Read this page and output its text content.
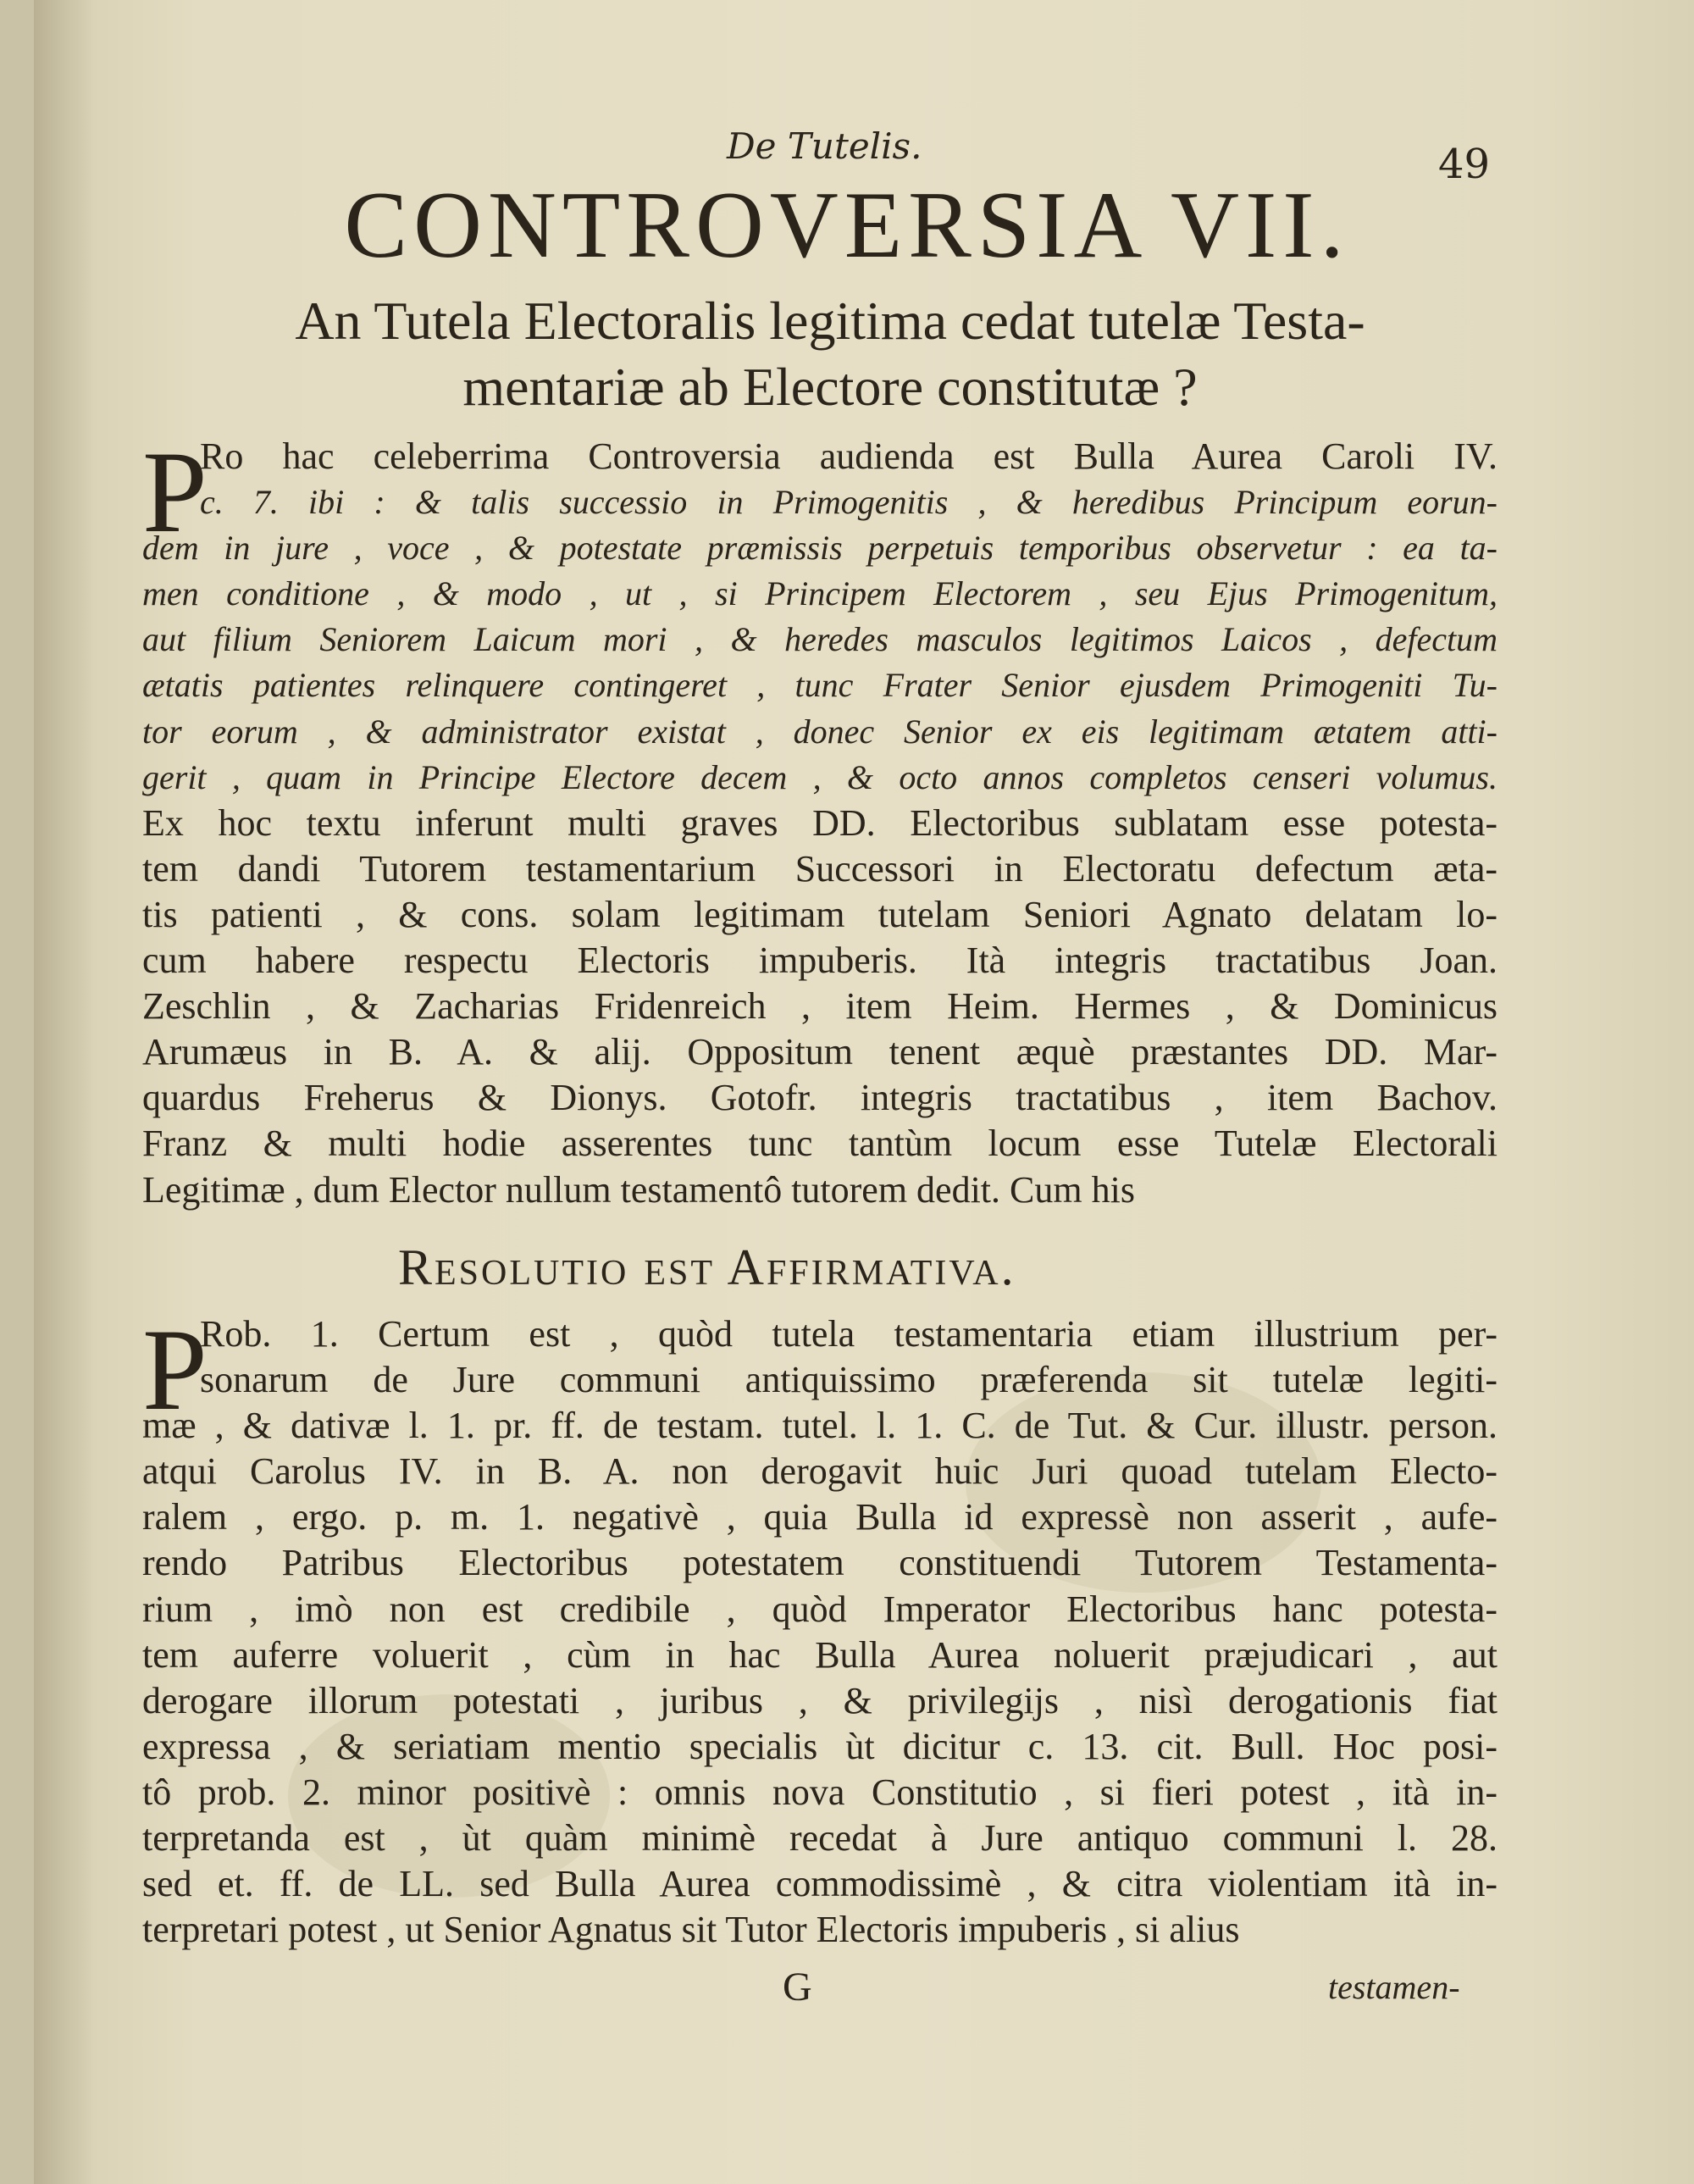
De Tutelis.	49
CONTROVERSIA VII.
An Tutela Electoralis legitima cedat tutelæ Testa-
mentariæ ab Electore constitutæ ?
P
Ro hac celeberrima Controversia audienda est Bulla Aurea Caroli IV.
c. 7. ibi : & talis successio in Primogenitis , & heredibus Principum eorun-
dem in jure , voce , & potestate præmissis perpetuis temporibus observetur : ea ta-
men conditione , & modo , ut , si Principem Electorem , seu Ejus Primogenitum,
aut filium Seniorem Laicum mori , & heredes masculos legitimos Laicos , defectum
ætatis patientes relinquere contingeret , tunc Frater Senior ejusdem Primogeniti Tu-
tor eorum , & administrator existat , donec Senior ex eis legitimam ætatem atti-
gerit , quam in Principe Electore decem , & octo annos completos censeri volumus.
Ex hoc textu inferunt multi graves DD. Electoribus sublatam esse potesta-
tem dandi Tutorem testamentarium Successori in Electoratu defectum æta-
tis patienti , & cons. solam legitimam tutelam Seniori Agnato delatam lo-
cum habere respectu Electoris impuberis. Ità integris tractatibus Joan.
Zeschlin , & Zacharias Fridenreich , item Heim. Hermes , & Dominicus
Arumæus in B. A. & alij. Oppositum tenent æquè præstantes DD. Mar-
quardus Freherus & Dionys. Gotofr. integris tractatibus , item Bachov.
Franz & multi hodie asserentes tunc tantùm locum esse Tutelæ Electorali
Legitimæ , dum Elector nullum testamentô tutorem dedit. Cum his
Resolutio est Affirmativa.
P
Rob. 1. Certum est , quòd tutela testamentaria etiam illustrium per-
sonarum de Jure communi antiquissimo præferenda sit tutelæ legiti-
mæ , & dativæ l. 1. pr. ff. de testam. tutel. l. 1. C. de Tut. & Cur. illustr. person.
atqui Carolus IV. in B. A. non derogavit huic Juri quoad tutelam Electo-
ralem , ergo. p. m. 1. negativè , quia Bulla id expressè non asserit , aufe-
rendo Patribus Electoribus potestatem constituendi Tutorem Testamenta-
rium , imò non est credibile , quòd Imperator Electoribus hanc potesta-
tem auferre voluerit , cùm in hac Bulla Aurea noluerit præjudicari , aut
derogare illorum potestati , juribus , & privilegijs , nisì derogationis fiat
expressa , & seriatiam mentio specialis ùt dicitur c. 13. cit. Bull. Hoc posi-
tô prob. 2. minor positivè : omnis nova Constitutio , si fieri potest , ità in-
terpretanda est , ùt quàm minimè recedat à Jure antiquo communi l. 28.
sed et. ff. de LL. sed Bulla Aurea commodissimè , & citra violentiam ità in-
terpretari potest , ut Senior Agnatus sit Tutor Electoris impuberis , si alius
G	testamen-
